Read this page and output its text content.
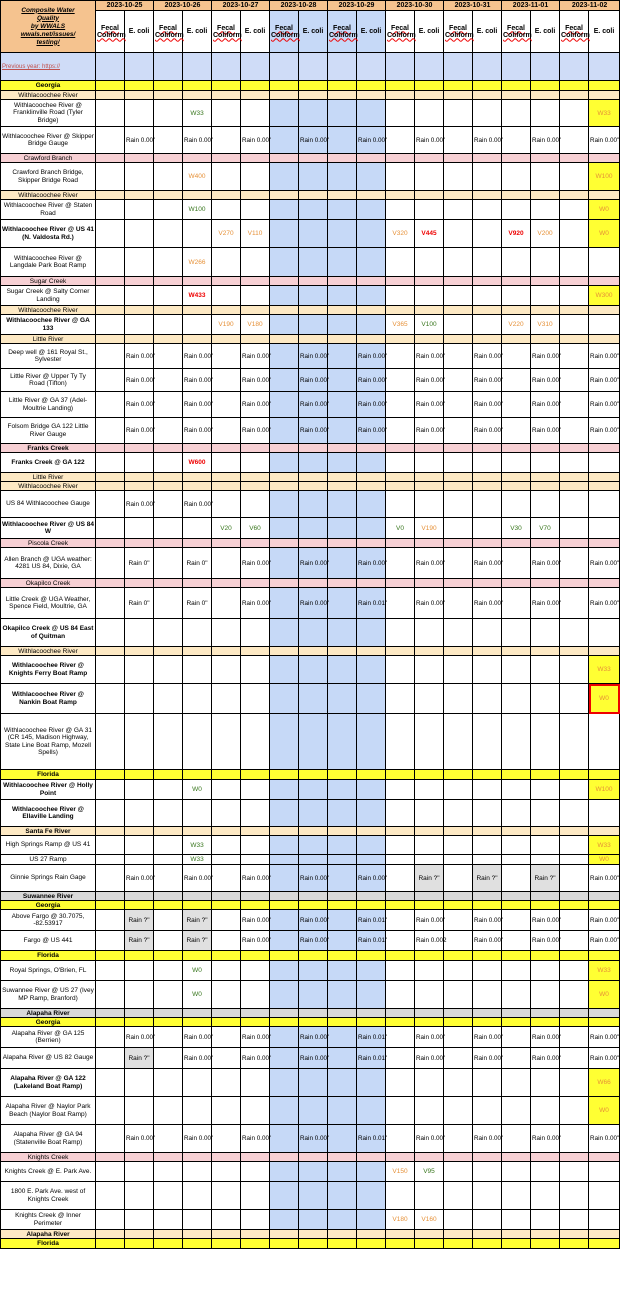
Composite Water
Quality
by WWALS
wwals.net/issues/
testing/	2023-10-25		2023-10-26		2023-10-27		2023-10-28		2023-10-29		2023-10-30		2023-10-31		2023-11-01		2023-11-02	
	Fecal Coliform	E. coli	Fecal Coliform	E. coli	Fecal Coliform	E. coli	Fecal Coliform	E. coli	Fecal Coliform	E. coli	Fecal Coliform	E. coli	Fecal Coliform	E. coli	Fecal Coliform	E. coli	Fecal Coliform	E. coli
Previous year: https://																		
Georgia																		
Withlacoochee River																		
Withlacoochee River @ Franklinville Road (Tyler Bridge)				W33														W33
Withlacoochee River @ Skipper Bridge Gauge		Rain 0.00"		Rain 0.00"		Rain 0.00"		Rain 0.00"		Rain 0.00"		Rain 0.00"		Rain 0.00"		Rain 0.00"		Rain 0.00"
Crawford Branch																		
Crawford Branch Bridge, Skipper Bridge Road				W400														W100
Withlacoochee River																		
Withlacoochee River @ Staten Road				W100														W0
Withlacoochee River @ US 41 (N. Valdosta Rd.)					V270	V110					V320	V445			V920	V200		W0
Withlacoochee River @ Langdale Park Boat Ramp				W266														
Sugar Creek																		
Sugar Creek @ Salty Corner Landing				W433														W300
Withlacoochee River																		
Withlacoochee River @ GA 133					V190	V180					V365	V100			V220	V310		
Little River																		
Deep well @ 161 Royal St., Sylvester		Rain 0.00"		Rain 0.00"		Rain 0.00"		Rain 0.00"		Rain 0.00"		Rain 0.00"		Rain 0.00"		Rain 0.00"		Rain 0.00"
Little River @ Upper Ty Ty Road (Tifton)		Rain 0.00"		Rain 0.00"		Rain 0.00"		Rain 0.00"		Rain 0.00"		Rain 0.00"		Rain 0.00"		Rain 0.00"		Rain 0.00"
Little River @ GA 37 (Adel-Moultrie Landing)		Rain 0.00"		Rain 0.00"		Rain 0.00"		Rain 0.00"		Rain 0.00"		Rain 0.00"		Rain 0.00"		Rain 0.00"		Rain 0.00"
Folsom Bridge GA 122 Little River Gauge		Rain 0.00"		Rain 0.00"		Rain 0.00"		Rain 0.00"		Rain 0.00"		Rain 0.00"		Rain 0.00"		Rain 0.00"		Rain 0.00"
Franks Creek																		
Franks Creek @ GA 122				W600														
Little River																		
Withlacoochee River																		
US 84 Withlacoochee Gauge		Rain 0.00"		Rain 0.00"														
Withlacoochee River @ US 84 W					V20	V60					V0	V190			V30	V70		
Piscola Creek																		
Allen Branch @ UGA weather: 4281 US 84, Dixie, GA		Rain 0"		Rain 0"		Rain 0.00"		Rain 0.00"		Rain 0.00"		Rain 0.00"		Rain 0.00"		Rain 0.00"		Rain 0.00"
Okapilco Creek																		
Little Creek @ UGA Weather, Spence Field, Moultrie, GA		Rain 0"		Rain 0"		Rain 0.00"		Rain 0.00"		Rain 0.01"		Rain 0.00"		Rain 0.00"		Rain 0.00"		Rain 0.00"
Okapilco Creek @ US 84 East of Quitman																		
Withlacoochee River																		
Withlacoochee River @ Knights Ferry Boat Ramp																		W33
Withlacoochee River @ Nankin Boat Ramp																		W0
Withlacoochee River @ GA 31 (CR 145, Madison Highway, State Line Boat Ramp, Mozell Spells)																		
Florida																		
Withlacoochee River @ Holly Point				W0														W100
Withlacoochee River @ Ellaville Landing																		
Santa Fe River																		
High Springs Ramp @ US 41				W33														W33
US 27 Ramp				W33														W0
Ginnie Springs Rain Gage		Rain 0.00"		Rain 0.00"		Rain 0.00"		Rain 0.00"		Rain 0.00"		Rain ?"		Rain ?"		Rain ?"		Rain 0.00"
Suwannee River																		
Georgia																		
Above Fargo @ 30.7075, -82.53917		Rain ?"		Rain ?"		Rain 0.00"		Rain 0.00"		Rain 0.01"		Rain 0.00"		Rain 0.00"		Rain 0.00"		Rain 0.00"
Fargo @ US 441		Rain ?"		Rain ?"		Rain 0.00"		Rain 0.00"		Rain 0.01"		Rain 0.002		Rain 0.00"		Rain 0.00"		Rain 0.00"
Florida																		
Royal Springs, O'Brien, FL				W0														W33
Suwannee River @ US 27 (Ivey MP Ramp, Branford)				W0														W0
Alapaha River																		
Georgia																		
Alapaha River @ GA 125 (Berrien)		Rain 0.00"		Rain 0.00"		Rain 0.00"		Rain 0.00"		Rain 0.01"		Rain 0.00"		Rain 0.00"		Rain 0.00"		Rain 0.00"
Alapaha River @ US 82 Gauge		Rain ?"		Rain 0.00"		Rain 0.00"		Rain 0.00"		Rain 0.01"		Rain 0.00"		Rain 0.00"		Rain 0.00"		Rain 0.00"
Alapaha River @ GA 122 (Lakeland Boat Ramp)																		W66
Alapaha River @ Naylor Park Beach (Naylor Boat Ramp)																		W0
Alapaha River @ GA 94 (Statenville Boat Ramp)		Rain 0.00"		Rain 0.00"		Rain 0.00"		Rain 0.00"		Rain 0.01"		Rain 0.00"		Rain 0.00"		Rain 0.00"		Rain 0.00"
Knights Creek																		
Knights Creek @ E. Park Ave.											V150	V95						
1800 E. Park Ave. west of Knights Creek																		
Knights Creek @ Inner Perimeter											V180	V160						
Alapaha River																		
Florida																		
